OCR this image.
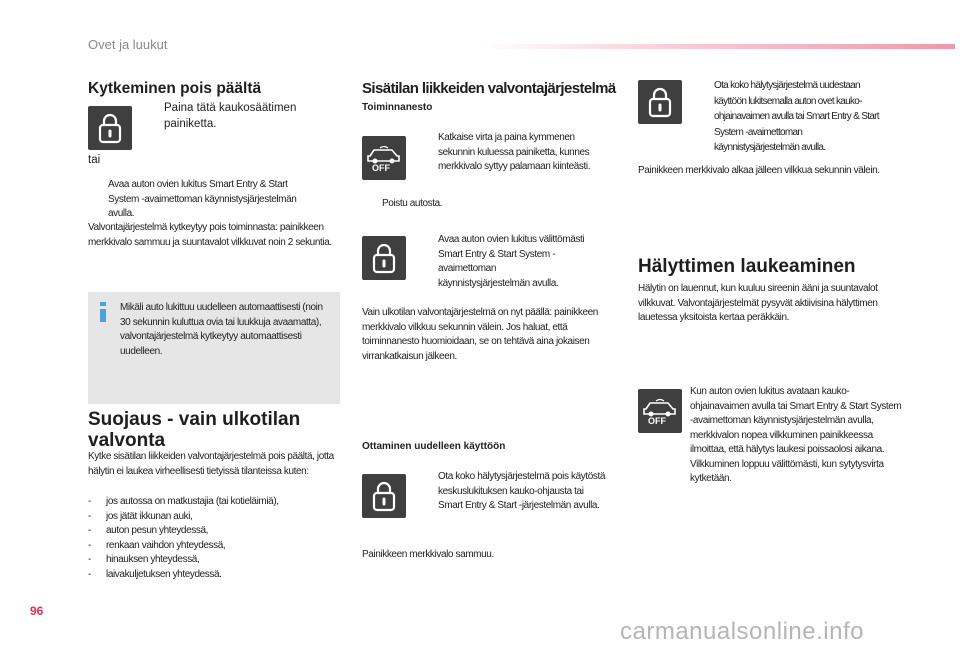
Ovet ja luukut
Kytkeminen pois päältä
Paina tätä kaukosäätimen painiketta.
tai
Avaa auton ovien lukitus Smart Entry & Start System -avaimettoman käynnistysjärjestelmän avulla.
Valvontajärjestelmä kytkeytyy pois toiminnasta: painikkeen merkkivalo sammuu ja suuntavalot vilkkuvat noin 2 sekuntia.
Mikäli auto lukittuu uudelleen automaattisesti (noin 30 sekunnin kuluttua ovia tai luukkuja avaamatta), valvontajärjestelmä kytkeytyy automaattisesti uudelleen.
Suojaus - vain ulkotilan valvonta
Kytke sisätilan liikkeiden valvontajärjestelmä pois päältä, jotta hälytin ei laukea virheellisesti tietyissä tilanteissa kuten:
- jos autossa on matkustajia (tai kotieläimiä),
- jos jätät ikkunan auki,
- auton pesun yhteydessä,
- renkaan vaihdon yhteydessä,
- hinauksen yhteydessä,
- laivakuljetuksen yhteydessä.
Sisätilan liikkeiden valvontajärjestelmä
Toiminnanesto
OFF
Katkaise virta ja paina kymmenen sekunnin kuluessa painiketta, kunnes merkkivalo syttyy palamaan kiinteästi.
Poistu autosta.
Avaa auton ovien lukitus välittömästi Smart Entry & Start System -avaimettoman käynnistysjärjestelmän avulla.
Vain ulkotilan valvontajärjestelmä on nyt päällä: painikkeen merkkivalo vilkkuu sekunnin välein. Jos haluat, että toiminnanesto huomioidaan, se on tehtävä aina jokaisen virrankatkaisun jälkeen.
Ottaminen uudelleen käyttöön
Ota koko hälytysjärjestelmä pois käytöstä keskuslukituksen kauko-ohjausta tai Smart Entry & Start -järjestelmän avulla.
Painikkeen merkkivalo sammuu.
Ota koko hälytysjärjestelmä uudestaan käyttöön lukitsemalla auton ovet kauko-ohjainavaimen avulla tai Smart Entry & Start System -avaimettoman käynnistysjärjestelmän avulla.
Painikkeen merkkivalo alkaa jälleen vilkkua sekunnin välein.
Hälyttimen laukeaminen
Hälytin on lauennut, kun kuuluu sireenin ääni ja suuntavalot vilkkuvat. Valvontajärjestelmät pysyvät aktiivisina hälyttimen lauetessa yksitoista kertaa peräkkäin.
OFF
Kun auton ovien lukitus avataan kauko-ohjainavaimen avulla tai Smart Entry & Start System -avaimettoman käynnistysjärjestelmän avulla, merkkivalon nopea vilkkuminen painikkeessa ilmoittaa, että hälytys laukesi poissaolosi aikana. Vilkkuminen loppuu välittömästi, kun sytytysvirta kytketään.
96
carmanualsonline.info
